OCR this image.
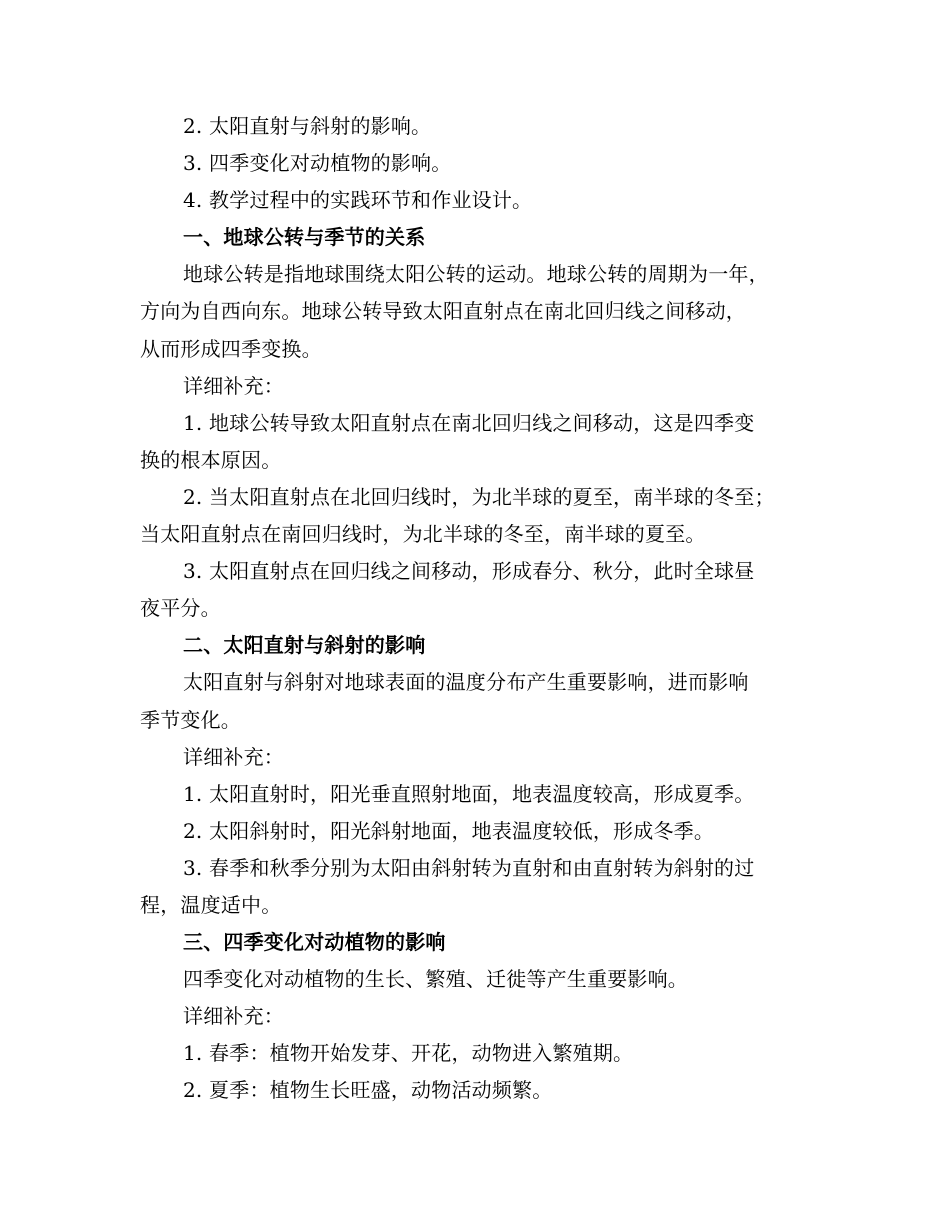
2. 太阳直射与斜射的影响。
3. 四季变化对动植物的影响。
4. 教学过程中的实践环节和作业设计。
一、地球公转与季节的关系
地球公转是指地球围绕太阳公转的运动。地球公转的周期为一年，
方向为自西向东。地球公转导致太阳直射点在南北回归线之间移动，
从而形成四季变换。
详细补充：
1. 地球公转导致太阳直射点在南北回归线之间移动，这是四季变
换的根本原因。
2. 当太阳直射点在北回归线时，为北半球的夏至，南半球的冬至；
当太阳直射点在南回归线时，为北半球的冬至，南半球的夏至。
3. 太阳直射点在回归线之间移动，形成春分、秋分，此时全球昼
夜平分。
二、太阳直射与斜射的影响
太阳直射与斜射对地球表面的温度分布产生重要影响，进而影响
季节变化。
详细补充：
1. 太阳直射时，阳光垂直照射地面，地表温度较高，形成夏季。
2. 太阳斜射时，阳光斜射地面，地表温度较低，形成冬季。
3. 春季和秋季分别为太阳由斜射转为直射和由直射转为斜射的过
程，温度适中。
三、四季变化对动植物的影响
四季变化对动植物的生长、繁殖、迁徙等产生重要影响。
详细补充：
1. 春季：植物开始发芽、开花，动物进入繁殖期。
2. 夏季：植物生长旺盛，动物活动频繁。
